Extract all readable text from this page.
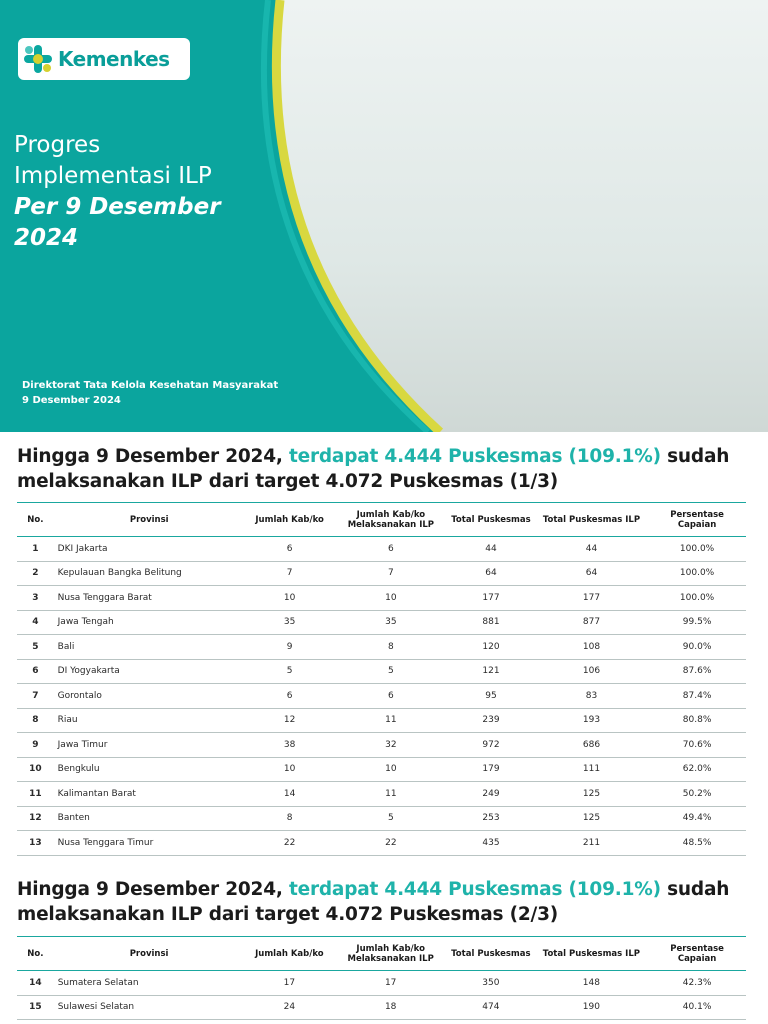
Kemenkes
Progres
Implementasi ILP
Per 9 Desember 2024
Direktorat Tata Kelola Kesehatan Masyarakat
9 Desember 2024
Hingga 9 Desember 2024, terdapat 4.444 Puskesmas (109.1%) sudah melaksanakan ILP dari target 4.072 Puskesmas (1/3)
No.	Provinsi	Jumlah Kab/ko	Jumlah Kab/ko Melaksanakan ILP	Total Puskesmas	Total Puskesmas ILP	Persentase Capaian
1	DKI Jakarta	6	6	44	44	100.0%
2	Kepulauan Bangka Belitung	7	7	64	64	100.0%
3	Nusa Tenggara Barat	10	10	177	177	100.0%
4	Jawa Tengah	35	35	881	877	99.5%
5	Bali	9	8	120	108	90.0%
6	DI Yogyakarta	5	5	121	106	87.6%
7	Gorontalo	6	6	95	83	87.4%
8	Riau	12	11	239	193	80.8%
9	Jawa Timur	38	32	972	686	70.6%
10	Bengkulu	10	10	179	111	62.0%
11	Kalimantan Barat	14	11	249	125	50.2%
12	Banten	8	5	253	125	49.4%
13	Nusa Tenggara Timur	22	22	435	211	48.5%
Hingga 9 Desember 2024, terdapat 4.444 Puskesmas (109.1%) sudah melaksanakan ILP dari target 4.072 Puskesmas (2/3)
No.	Provinsi	Jumlah Kab/ko	Jumlah Kab/ko Melaksanakan ILP	Total Puskesmas	Total Puskesmas ILP	Persentase Capaian
14	Sumatera Selatan	17	17	350	148	42.3%
15	Sulawesi Selatan	24	18	474	190	40.1%
